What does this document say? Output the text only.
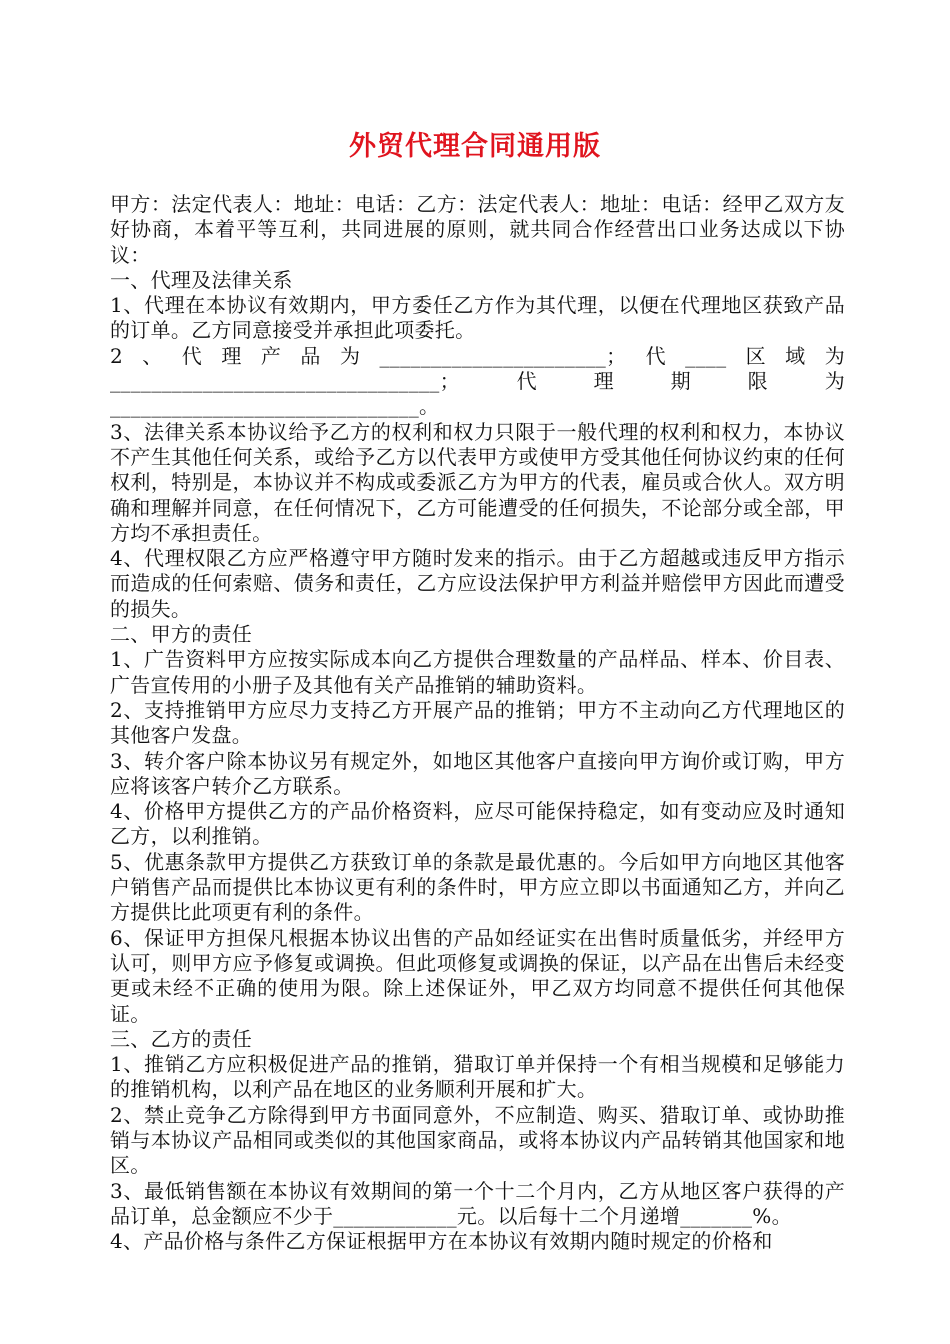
外贸代理合同通用版

甲方：法定代表人：地址：电话：乙方：法定代表人：地址：电话：经甲乙双方友好协商，本着平等互利，共同进展的原则，就共同合作经营出口业务达成以下协议：

一、代理及法律关系

1、代理在本协议有效期内，甲方委任乙方作为其代理，以便在代理地区获致产品的订单。乙方同意接受并承担此项委托。

2、代理产品为______________________；代____区域为________________________________；代理期限为______________________________。

3、法律关系本协议给予乙方的权利和权力只限于一般代理的权利和权力，本协议不产生其他任何关系，或给予乙方以代表甲方或使甲方受其他任何协议约束的任何权利，特别是，本协议并不构成或委派乙方为甲方的代表，雇员或合伙人。双方明确和理解并同意，在任何情况下，乙方可能遭受的任何损失，不论部分或全部，甲方均不承担责任。

4、代理权限乙方应严格遵守甲方随时发来的指示。由于乙方超越或违反甲方指示而造成的任何索赔、债务和责任，乙方应设法保护甲方利益并赔偿甲方因此而遭受的损失。

二、甲方的责任

1、广告资料甲方应按实际成本向乙方提供合理数量的产品样品、样本、价目表、广告宣传用的小册子及其他有关产品推销的辅助资料。

2、支持推销甲方应尽力支持乙方开展产品的推销；甲方不主动向乙方代理地区的其他客户发盘。

3、转介客户除本协议另有规定外，如地区其他客户直接向甲方询价或订购，甲方应将该客户转介乙方联系。

4、价格甲方提供乙方的产品价格资料，应尽可能保持稳定，如有变动应及时通知乙方，以利推销。

5、优惠条款甲方提供乙方获致订单的条款是最优惠的。今后如甲方向地区其他客户销售产品而提供比本协议更有利的条件时，甲方应立即以书面通知乙方，并向乙方提供比此项更有利的条件。

6、保证甲方担保凡根据本协议出售的产品如经证实在出售时质量低劣，并经甲方认可，则甲方应予修复或调换。但此项修复或调换的保证，以产品在出售后未经变更或未经不正确的使用为限。除上述保证外，甲乙双方均同意不提供任何其他保证。

三、乙方的责任

1、推销乙方应积极促进产品的推销，猎取订单并保持一个有相当规模和足够能力的推销机构，以利产品在地区的业务顺利开展和扩大。

2、禁止竞争乙方除得到甲方书面同意外，不应制造、购买、猎取订单、或协助推销与本协议产品相同或类似的其他国家商品，或将本协议内产品转销其他国家和地区。

3、最低销售额在本协议有效期间的第一个十二个月内，乙方从地区客户获得的产品订单，总金额应不少于____________元。以后每十二个月递增_______%。

4、产品价格与条件乙方保证根据甲方在本协议有效期内随时规定的价格和
